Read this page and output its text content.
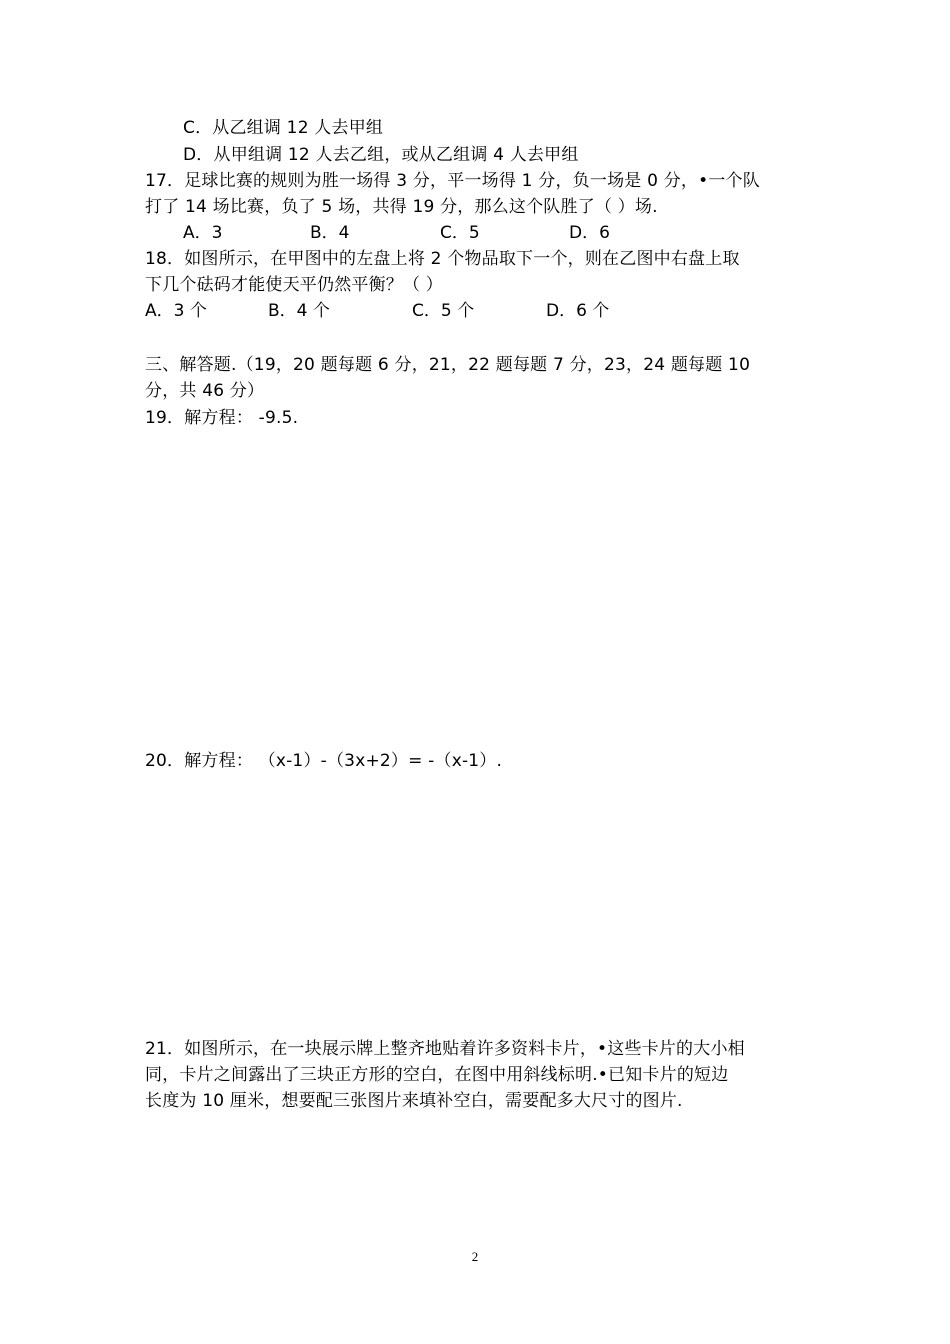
C．从乙组调 12 人去甲组
D．从甲组调 12 人去乙组，或从乙组调 4 人去甲组
17．足球比赛的规则为胜一场得 3 分，平一场得 1 分，负一场是 0 分，•一个队
打了 14 场比赛，负了 5 场，共得 19 分，那么这个队胜了（ ）场.
A．3	B．4	C．5	D．6
18．如图所示，在甲图中的左盘上将 2 个物品取下一个，则在乙图中右盘上取
下几个砝码才能使天平仍然平衡？（ ）
A．3 个	B．4 个	C．5 个	D．6 个
三、解答题.（19，20 题每题 6 分，21，22 题每题 7 分，23，24 题每题 10
分，共 46 分）
19．解方程： -9.5.
20．解方程： （x-1）-（3x+2）= -（x-1）.
21．如图所示，在一块展示牌上整齐地贴着许多资料卡片，•这些卡片的大小相
同，卡片之间露出了三块正方形的空白，在图中用斜线标明.•已知卡片的短边
长度为 10 厘米，想要配三张图片来填补空白，需要配多大尺寸的图片.
2
